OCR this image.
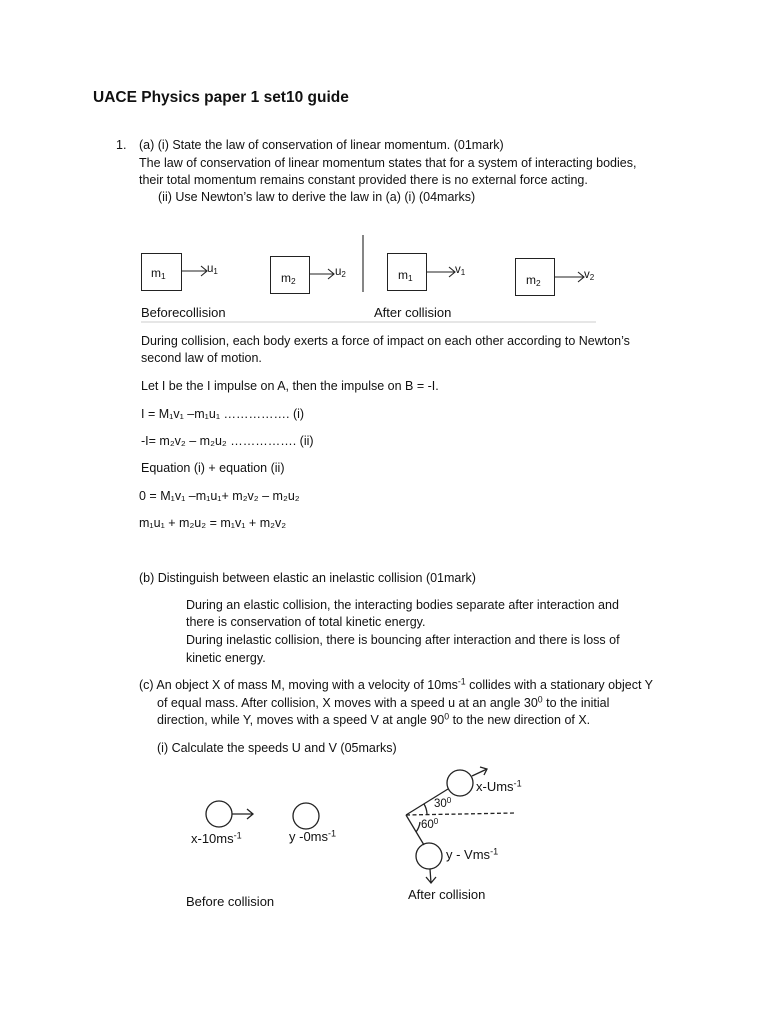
UACE Physics paper 1 set10 guide
1. (a) (i) State the law of conservation of linear momentum. (01mark)
The law of conservation of linear momentum states that for a system of interacting bodies,
their total momentum remains constant provided there is no external force acting.
(ii) Use Newton’s law to derive the law in (a) (i) (04marks)
$m_1$	$m_2$	$m_1$	$m_2$
$u_1$	$u_2$	$v_1$	$v_2$
Beforecollision	After collision
During collision, each body exerts a force of impact on each other according to Newton’s
second law of motion.
Let I be the I impulse on A, then the impulse on B = -I.
I = M₁v₁ –m₁u₁ ……………. (i)
-I= m₂v₂ – m₂u₂ ……………. (ii)
Equation (i) + equation (ii)
0 = M₁v₁ –m₁u₁+ m₂v₂ – m₂u₂
m₁u₁ + m₂u₂ = m₁v₁ + m₂v₂
(b) Distinguish between elastic an inelastic collision (01mark)
During an elastic collision, the interacting bodies separate after interaction and
there is conservation of total kinetic energy.
During inelastic collision, there is bouncing after interaction and there is loss of
kinetic energy.
(c) An object X of mass M, moving with a velocity of $10ms^{-1}$ collides with a stationary object Y
of equal mass. After collision, X moves with a speed u at an angle $30^0$ to the initial
direction, while Y, moves with a speed V at angle $90^0$ to the new direction of X.
(i) Calculate the speeds U and V (05marks)
$x-10ms^{-1}$	y $-0ms^{-1}$
Before collision
x-Ums$^{-1}$
$30^0$
$60^0$
y - Vms$^{-1}$
After collision
